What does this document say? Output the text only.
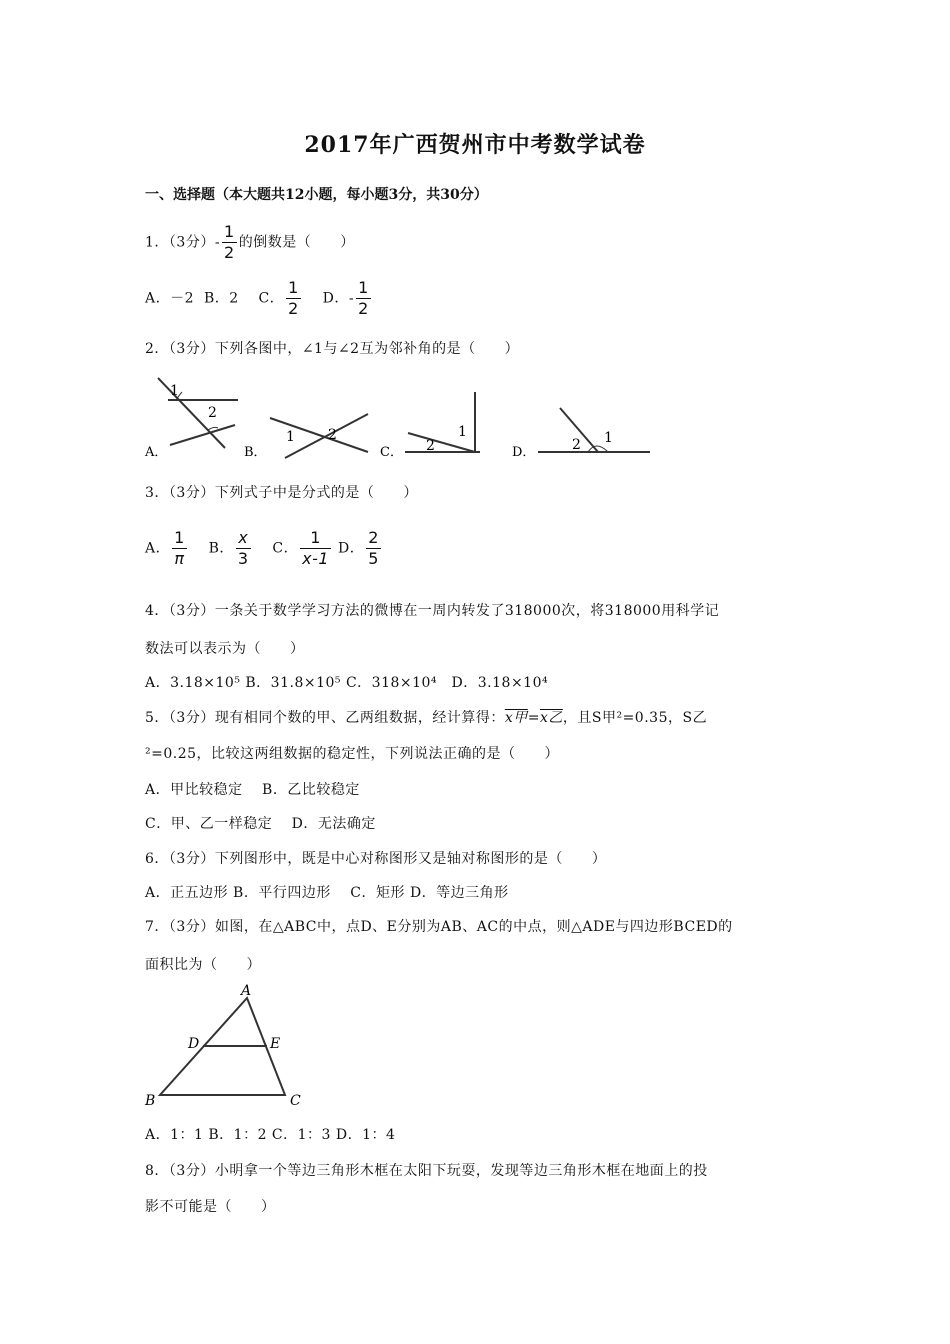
2017年广西贺州市中考数学试卷
一、选择题（本大题共12小题，每小题3分，共30分）
1．（3分）- $\frac{1}{2}$ 的倒数是（　　）
A．－2 B．2 C． $\frac{1}{2}$ D．- $\frac{1}{2}$
2．（3分）下列各图中，∠1与∠2互为邻补角的是（　　）
1
2
A．
1 2
B．	2
1
C．	2 1
D．
3．（3分）下列式子中是分式的是（　　）
A． $\frac{1}{\pi}$ B． $\frac{x}{3}$ C． $\frac{1}{x-1}$ D． $\frac{2}{5}$
4．（3分）一条关于数学学习方法的微博在一周内转发了318000次，将318000用科学记
数法可以表示为（　　）
A．3.18×10⁵ B．31.8×10⁵ C．318×10⁴　D．3.18×10⁴
5．（3分）现有相同个数的甲、乙两组数据，经计算得：x甲=x乙，且S甲²=0.35，S乙
²=0.25，比较这两组数据的稳定性，下列说法正确的是（　　）
A．甲比较稳定　 B．乙比较稳定
C．甲、乙一样稳定　 D．无法确定
6．（3分）下列图形中，既是中心对称图形又是轴对称图形的是（　　）
A．正五边形 B．平行四边形　 C．矩形 D．等边三角形
7．（3分）如图，在△ABC中，点D、E分别为AB、AC的中点，则△ADE与四边形BCED的
面积比为（　　）
A
D	E
B	C
A．1：1 B．1：2 C．1：3 D．1：4
8．（3分）小明拿一个等边三角形木框在太阳下玩耍，发现等边三角形木框在地面上的投
影不可能是（　　）
